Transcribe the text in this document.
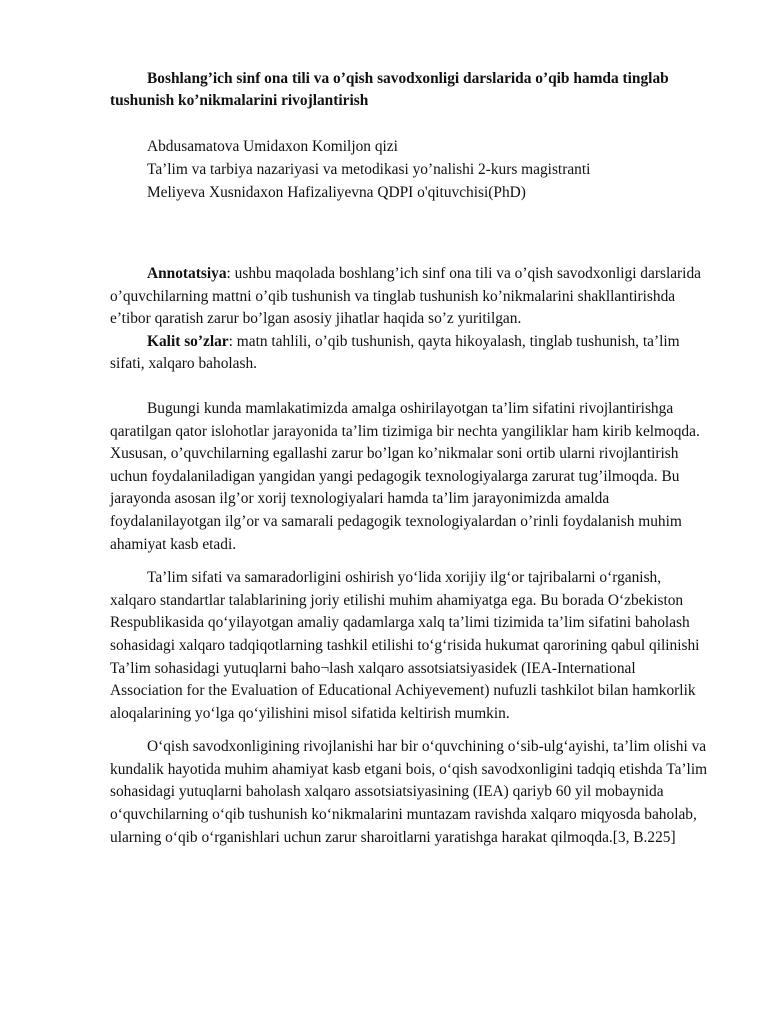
Boshlang’ich sinf ona tili va o’qish savodxonligi darslarida o’qib hamda tinglab tushunish ko’nikmalarini rivojlantirish

Abdusamatova Umidaxon Komiljon qizi
Ta’lim va tarbiya nazariyasi va metodikasi yo’nalishi 2-kurs magistranti
Meliyeva Xusnidaxon Hafizaliyevna QDPI o'qituvchisi(PhD)

Annotatsiya: ushbu maqolada boshlang’ich sinf ona tili va o’qish savodxonligi darslarida o’quvchilarning mattni o’qib tushunish va tinglab tushunish ko’nikmalarini shakllantirishda e’tibor qaratish zarur bo’lgan asosiy jihatlar haqida so’z yuritilgan.

Kalit so’zlar: matn tahlili, o’qib tushunish, qayta hikoyalash, tinglab tushunish, ta’lim sifati, xalqaro baholash.

Bugungi kunda mamlakatimizda amalga oshirilayotgan ta’lim sifatini rivojlantirishga qaratilgan qator islohotlar jarayonida ta’lim tizimiga bir nechta yangiliklar ham kirib kelmoqda. Xususan, o’quvchilarning egallashi zarur bo’lgan ko’nikmalar soni ortib ularni rivojlantirish uchun foydalaniladigan yangidan yangi pedagogik texnologiyalarga zarurat tug’ilmoqda. Bu jarayonda asosan ilg’or xorij texnologiyalari hamda ta’lim jarayonimizda amalda foydalanilayotgan ilg’or va samarali pedagogik texnologiyalardan o’rinli foydalanish muhim ahamiyat kasb etadi.

Ta’lim sifati va samaradorligini oshirish yo‘lida xorijiy ilg‘or tajribalarni o‘rganish, xalqaro standartlar talablarining joriy etilishi muhim ahamiyatga ega. Bu borada O‘zbekiston Respublikasida qo‘yilayotgan amaliy qadamlarga xalq ta’limi tizimida ta’lim sifatini baholash sohasidagi xalqaro tadqiqotlarning tashkil etilishi to‘g‘risida hukumat qarorining qabul qilinishi Ta’lim sohasidagi yutuqlarni baho¬lash xalqaro assotsiatsiyasidek (IEA-International Association for the Evaluation of Educational Achiyevement) nufuzli tashkilot bilan hamkorlik aloqalarining yo‘lga qo‘yilishini misol sifatida keltirish mumkin.

O‘qish savodxonligining rivojlanishi har bir o‘quvchining o‘sib-ulg‘ayishi, ta’lim olishi va kundalik hayotida muhim ahamiyat kasb etgani bois, o‘qish savodxonligini tadqiq etishda Ta’lim sohasidagi yutuqlarni baholash xalqaro assotsiatsiyasining (IEA) qariyb 60 yil mobaynida o‘quvchilarning o‘qib tushunish ko‘nikmalarini muntazam ravishda xalqaro miqyosda baholab, ularning o‘qib o‘rganishlari uchun zarur sharoitlarni yaratishga harakat qilmoqda.[3, B.225]
